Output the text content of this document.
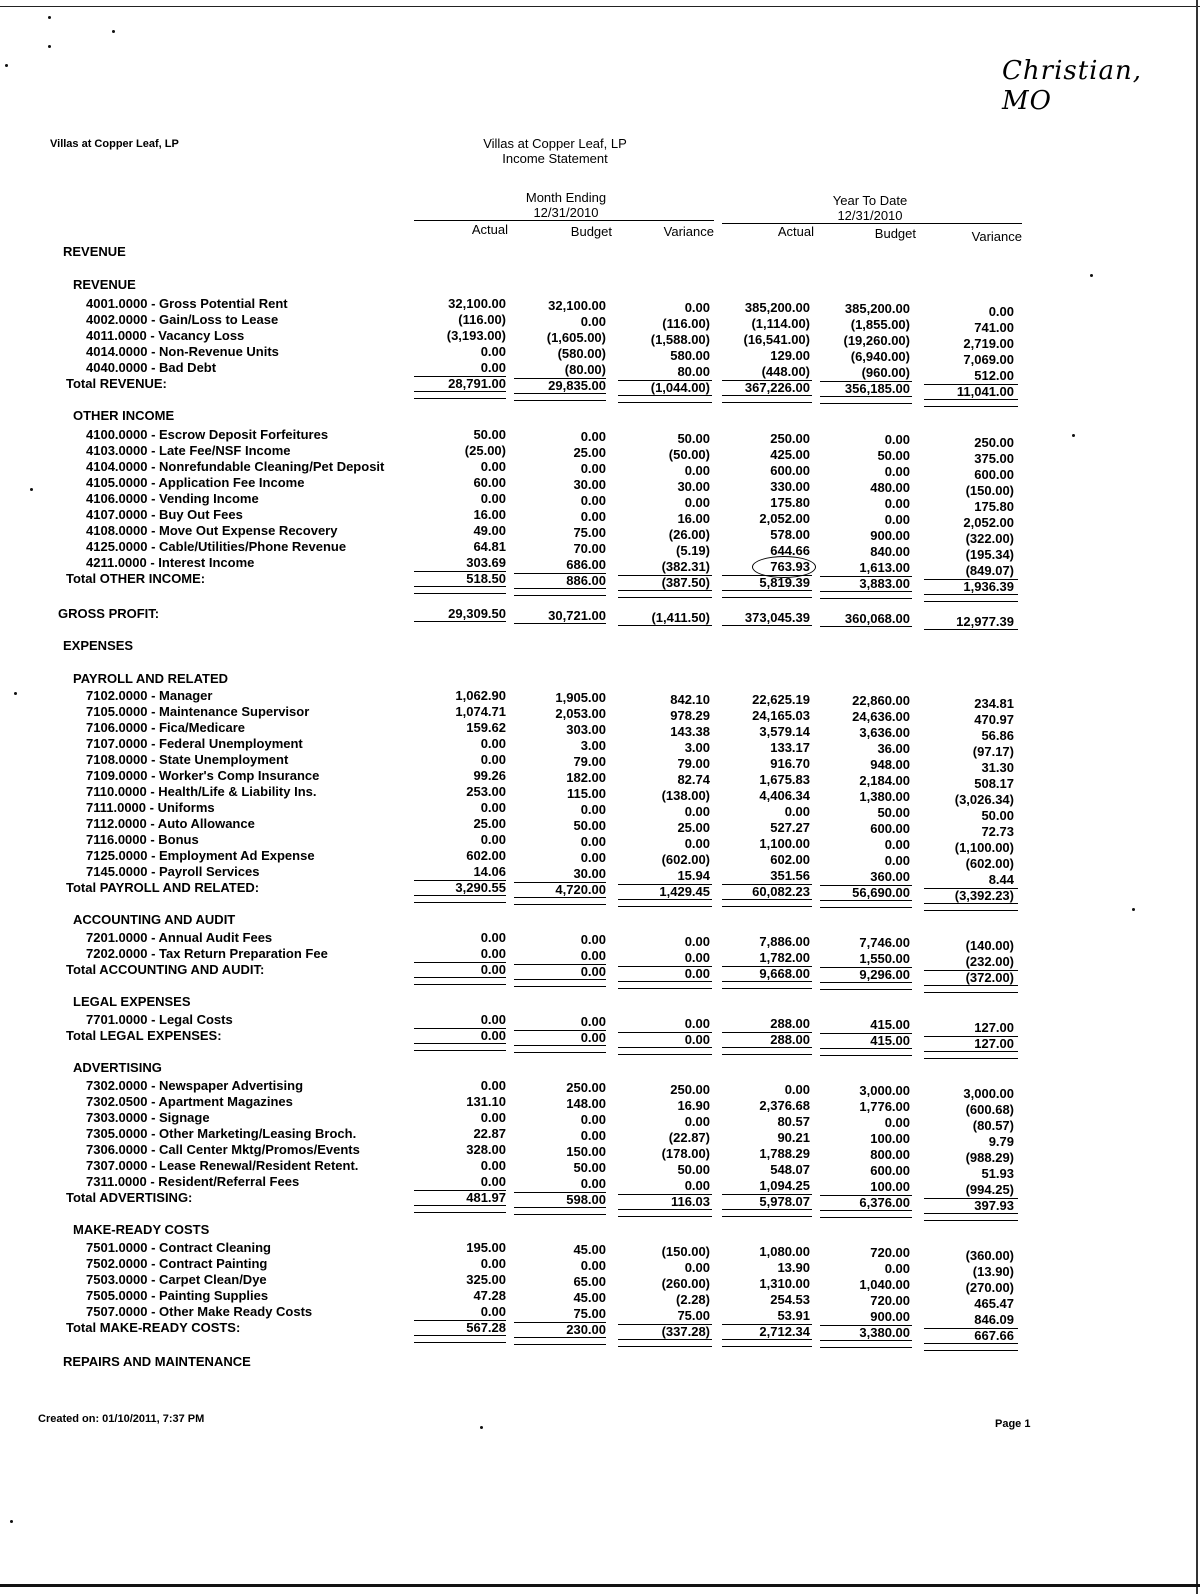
Christian, MO
Villas at Copper Leaf, LP	Villas at Copper Leaf, LP
Income Statement
Month Ending
12/31/2010
Year To Date
12/31/2010
Actual	Budget	Variance	Actual	Budget	Variance
REVENUE
REVENUE
4001.0000 - Gross Potential Rent	32,100.00	32,100.00	0.00	385,200.00	385,200.00	0.00
4002.0000 - Gain/Loss to Lease	(116.00)	0.00	(116.00)	(1,114.00)	(1,855.00)	741.00
4011.0000 - Vacancy Loss	(3,193.00)	(1,605.00)	(1,588.00)	(16,541.00)	(19,260.00)	2,719.00
4014.0000 - Non-Revenue Units	0.00	(580.00)	580.00	129.00	(6,940.00)	7,069.00
4040.0000 - Bad Debt	0.00	(80.00)	80.00	(448.00)	(960.00)	512.00
Total REVENUE:	28,791.00	29,835.00	(1,044.00)	367,226.00	356,185.00	11,041.00
OTHER INCOME
4100.0000 - Escrow Deposit Forfeitures	50.00	0.00	50.00	250.00	0.00	250.00
4103.0000 - Late Fee/NSF Income	(25.00)	25.00	(50.00)	425.00	50.00	375.00
4104.0000 - Nonrefundable Cleaning/Pet Deposit	0.00	0.00	0.00	600.00	0.00	600.00
4105.0000 - Application Fee Income	60.00	30.00	30.00	330.00	480.00	(150.00)
4106.0000 - Vending Income	0.00	0.00	0.00	175.80	0.00	175.80
4107.0000 - Buy Out Fees	16.00	0.00	16.00	2,052.00	0.00	2,052.00
4108.0000 - Move Out Expense Recovery	49.00	75.00	(26.00)	578.00	900.00	(322.00)
4125.0000 - Cable/Utilities/Phone Revenue	64.81	70.00	(5.19)	644.66	840.00	(195.34)
4211.0000 - Interest Income	303.69	686.00	(382.31)	763.93	1,613.00	(849.07)
Total OTHER INCOME:	518.50	886.00	(387.50)	5,819.39	3,883.00	1,936.39
GROSS PROFIT:	29,309.50	30,721.00	(1,411.50)	373,045.39	360,068.00	12,977.39
EXPENSES
PAYROLL AND RELATED
7102.0000 - Manager	1,062.90	1,905.00	842.10	22,625.19	22,860.00	234.81
7105.0000 - Maintenance Supervisor	1,074.71	2,053.00	978.29	24,165.03	24,636.00	470.97
7106.0000 - Fica/Medicare	159.62	303.00	143.38	3,579.14	3,636.00	56.86
7107.0000 - Federal Unemployment	0.00	3.00	3.00	133.17	36.00	(97.17)
7108.0000 - State Unemployment	0.00	79.00	79.00	916.70	948.00	31.30
7109.0000 - Worker's Comp Insurance	99.26	182.00	82.74	1,675.83	2,184.00	508.17
7110.0000 - Health/Life & Liability Ins.	253.00	115.00	(138.00)	4,406.34	1,380.00	(3,026.34)
7111.0000 - Uniforms	0.00	0.00	0.00	0.00	50.00	50.00
7112.0000 - Auto Allowance	25.00	50.00	25.00	527.27	600.00	72.73
7116.0000 - Bonus	0.00	0.00	0.00	1,100.00	0.00	(1,100.00)
7125.0000 - Employment Ad Expense	602.00	0.00	(602.00)	602.00	0.00	(602.00)
7145.0000 - Payroll Services	14.06	30.00	15.94	351.56	360.00	8.44
Total PAYROLL AND RELATED:	3,290.55	4,720.00	1,429.45	60,082.23	56,690.00	(3,392.23)
ACCOUNTING AND AUDIT
7201.0000 - Annual Audit Fees	0.00	0.00	0.00	7,886.00	7,746.00	(140.00)
7202.0000 - Tax Return Preparation Fee	0.00	0.00	0.00	1,782.00	1,550.00	(232.00)
Total ACCOUNTING AND AUDIT:	0.00	0.00	0.00	9,668.00	9,296.00	(372.00)
LEGAL EXPENSES
7701.0000 - Legal Costs	0.00	0.00	0.00	288.00	415.00	127.00
Total LEGAL EXPENSES:	0.00	0.00	0.00	288.00	415.00	127.00
ADVERTISING
7302.0000 - Newspaper Advertising	0.00	250.00	250.00	0.00	3,000.00	3,000.00
7302.0500 - Apartment Magazines	131.10	148.00	16.90	2,376.68	1,776.00	(600.68)
7303.0000 - Signage	0.00	0.00	0.00	80.57	0.00	(80.57)
7305.0000 - Other Marketing/Leasing Broch.	22.87	0.00	(22.87)	90.21	100.00	9.79
7306.0000 - Call Center Mktg/Promos/Events	328.00	150.00	(178.00)	1,788.29	800.00	(988.29)
7307.0000 - Lease Renewal/Resident Retent.	0.00	50.00	50.00	548.07	600.00	51.93
7311.0000 - Resident/Referral Fees	0.00	0.00	0.00	1,094.25	100.00	(994.25)
Total ADVERTISING:	481.97	598.00	116.03	5,978.07	6,376.00	397.93
MAKE-READY COSTS
7501.0000 - Contract Cleaning	195.00	45.00	(150.00)	1,080.00	720.00	(360.00)
7502.0000 - Contract Painting	0.00	0.00	0.00	13.90	0.00	(13.90)
7503.0000 - Carpet Clean/Dye	325.00	65.00	(260.00)	1,310.00	1,040.00	(270.00)
7505.0000 - Painting Supplies	47.28	45.00	(2.28)	254.53	720.00	465.47
7507.0000 - Other Make Ready Costs	0.00	75.00	75.00	53.91	900.00	846.09
Total MAKE-READY COSTS:	567.28	230.00	(337.28)	2,712.34	3,380.00	667.66
REPAIRS AND MAINTENANCE
Created on: 01/10/2011, 7:37 PM	Page 1
